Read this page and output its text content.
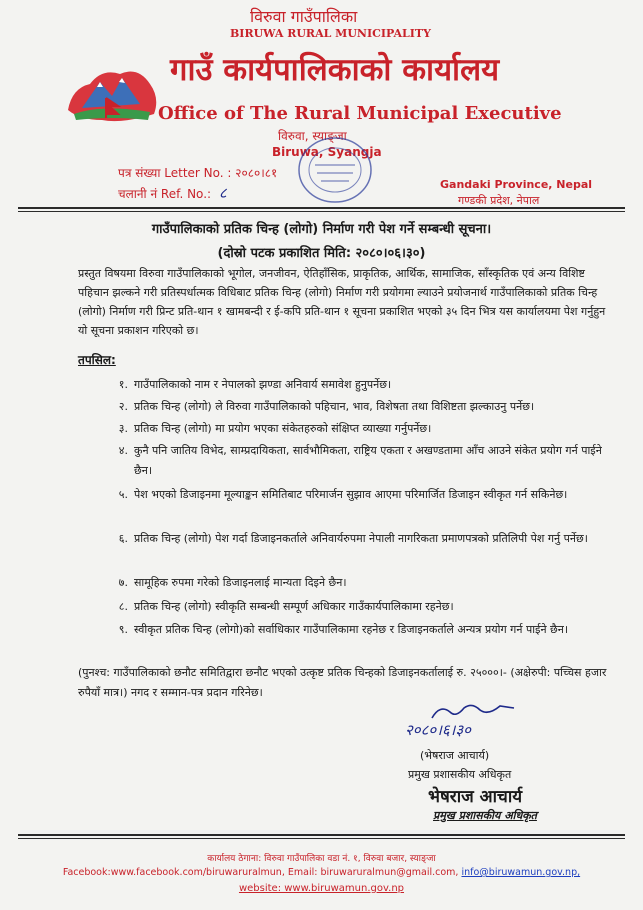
विरुवा गाउँपालिका
BIRUWA RURAL MUNICIPALITY
गाउँ कार्यपालिकाको कार्यालय
Office of The Rural Municipal Executive
विरुवा, स्याङ्जा
Biruwa, Syangja
पत्र संख्या Letter No. : २०८०।८१
चलानी नं Ref. No.: ८	Gandaki Province, Nepal
गण्डकी प्रदेश, नेपाल
गाउँपालिकाको प्रतिक चिन्ह (लोगो) निर्माण गरी पेश गर्ने सम्बन्धी सूचना।
(दोस्रो पटक प्रकाशित मिति: २०८०।०६।३०)
प्रस्तुत विषयमा विरुवा गाउँपालिकाको भूगोल, जनजीवन, ऐतिहाँसिक, प्राकृतिक, आर्थिक, सामाजिक, साँस्कृतिक एवं अन्य विशिष्ट पहिचान झल्कने गरी प्रतिस्पर्धात्मक विधिबाट प्रतिक चिन्ह (लोगो) निर्माण गरी प्रयोगमा ल्याउने प्रयोजनार्थ गाउँपालिकाको प्रतिक चिन्ह (लोगो) निर्माण गरी प्रिन्ट प्रति-थान १ खामबन्दी र ई-कपि प्रति-थान १ सूचना प्रकाशित भएको ३५ दिन भित्र यस कार्यालयमा पेश गर्नुहुन यो सूचना प्रकाशन गरिएको छ।
तपसिल:
१. गाउँपालिकाको नाम र नेपालको झण्डा अनिवार्य समावेश हुनुपर्नेछ।
२. प्रतिक चिन्ह (लोगो) ले विरुवा गाउँपालिकाको पहिचान, भाव, विशेषता तथा विशिष्टता झल्काउनु पर्नेछ।
३. प्रतिक चिन्ह (लोगो) मा प्रयोग भएका संकेतहरुको संक्षिप्त व्याख्या गर्नुपर्नेछ।
४. कुनै पनि जातिय विभेद, साम्प्रदायिकता, सार्वभौमिकता, राष्ट्रिय एकता र अखण्डतामा आँच आउने संकेत प्रयोग गर्न पाईने छैन।
५. पेश भएको डिजाइनमा मूल्याङ्कन समितिबाट परिमार्जन सुझाव आएमा परिमार्जित डिजाइन स्वीकृत गर्न सकिनेछ।
६. प्रतिक चिन्ह (लोगो) पेश गर्दा डिजाइनकर्ताले अनिवार्यरुपमा नेपाली नागरिकता प्रमाणपत्रको प्रतिलिपी पेश गर्नु पर्नेछ।
७. सामूहिक रुपमा गरेको डिजाइनलाई मान्यता दिइने छैन।
८. प्रतिक चिन्ह (लोगो) स्वीकृति सम्बन्धी सम्पूर्ण अधिकार गाउँकार्यपालिकामा रहनेछ।
९. स्वीकृत प्रतिक चिन्ह (लोगो)को सर्वाधिकार गाउँपालिकामा रहनेछ र डिजाइनकर्ताले अन्यत्र प्रयोग गर्न पाईने छैन।
(पुनश्च: गाउँपालिकाको छनौट समितिद्वारा छनौट भएको उत्कृष्ट प्रतिक चिन्हको डिजाइनकर्तालाई रु. २५०००।- (अक्षेरुपी: पच्चिस हजार रुपैयाँ मात्र।) नगद र सम्मान-पत्र प्रदान गरिनेछ।
२०८०।६।३०
(भेषराज आचार्य)
प्रमुख प्रशासकीय अधिकृत
भेषराज आचार्य
प्रमुख प्रशासकीय अधिकृत
कार्यालय ठेगाना: विरुवा गाउँपालिका वडा नं. १, विरुवा बजार, स्याङ्जा
Facebook:www.facebook.com/biruwaruralmun, Email: biruwaruralmun@gmail.com, info@biruwamun.gov.np,
website: www.biruwamun.gov.np
